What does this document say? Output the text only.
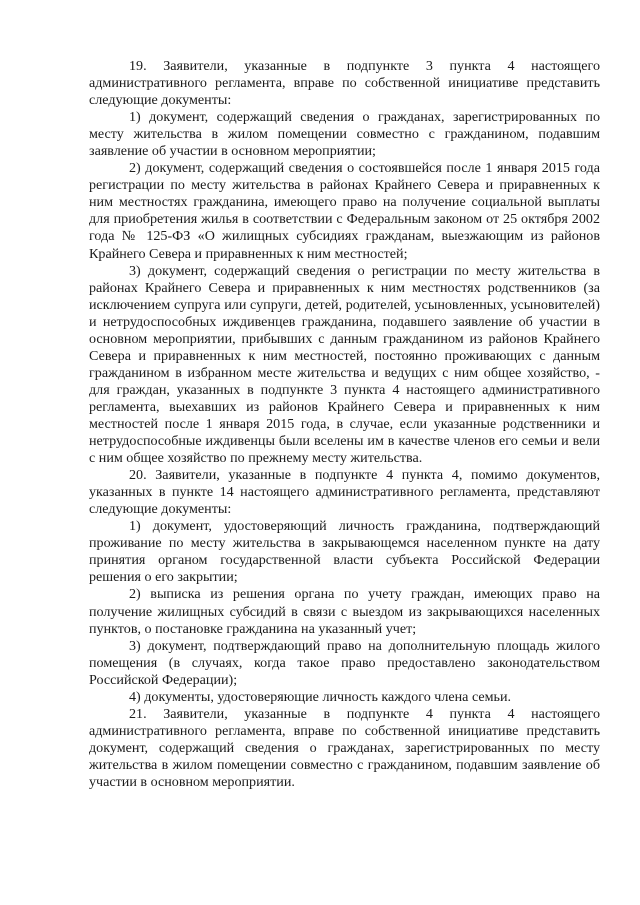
19. Заявители, указанные в подпункте 3 пункта 4 настоящего административного регламента, вправе по собственной инициативе представить следующие документы:

1) документ, содержащий сведения о гражданах, зарегистрированных по месту жительства в жилом помещении совместно с гражданином, подавшим заявление об участии в основном мероприятии;

2) документ, содержащий сведения о состоявшейся после 1 января 2015 года регистрации по месту жительства в районах Крайнего Севера и приравненных к ним местностях гражданина, имеющего право на получение социальной выплаты для приобретения жилья в соответствии с Федеральным законом от 25 октября 2002 года № 125-ФЗ «О жилищных субсидиях гражданам, выезжающим из районов Крайнего Севера и приравненных к ним местностей;

3) документ, содержащий сведения о регистрации по месту жительства в районах Крайнего Севера и приравненных к ним местностях родственников (за исключением супруга или супруги, детей, родителей, усыновленных, усыновителей) и нетрудоспособных иждивенцев гражданина, подавшего заявление об участии в основном мероприятии, прибывших с данным гражданином из районов Крайнего Севера и приравненных к ним местностей, постоянно проживающих с данным гражданином в избранном месте жительства и ведущих с ним общее хозяйство, - для граждан, указанных в подпункте 3 пункта 4 настоящего административного регламента, выехавших из районов Крайнего Севера и приравненных к ним местностей после 1 января 2015 года, в случае, если указанные родственники и нетрудоспособные иждивенцы были вселены им в качестве членов его семьи и вели с ним общее хозяйство по прежнему месту жительства.

20. Заявители, указанные в подпункте 4 пункта 4, помимо документов, указанных в пункте 14 настоящего административного регламента, представляют следующие документы:

1) документ, удостоверяющий личность гражданина, подтверждающий проживание по месту жительства в закрывающемся населенном пункте на дату принятия органом государственной власти субъекта Российской Федерации решения о его закрытии;

2) выписка из решения органа по учету граждан, имеющих право на получение жилищных субсидий в связи с выездом из закрывающихся населенных пунктов, о постановке гражданина на указанный учет;

3) документ, подтверждающий право на дополнительную площадь жилого помещения (в случаях, когда такое право предоставлено законодательством Российской Федерации);

4) документы, удостоверяющие личность каждого члена семьи.

21. Заявители, указанные в подпункте 4 пункта 4 настоящего административного регламента, вправе по собственной инициативе представить документ, содержащий сведения о гражданах, зарегистрированных по месту жительства в жилом помещении совместно с гражданином, подавшим заявление об участии в основном мероприятии.
